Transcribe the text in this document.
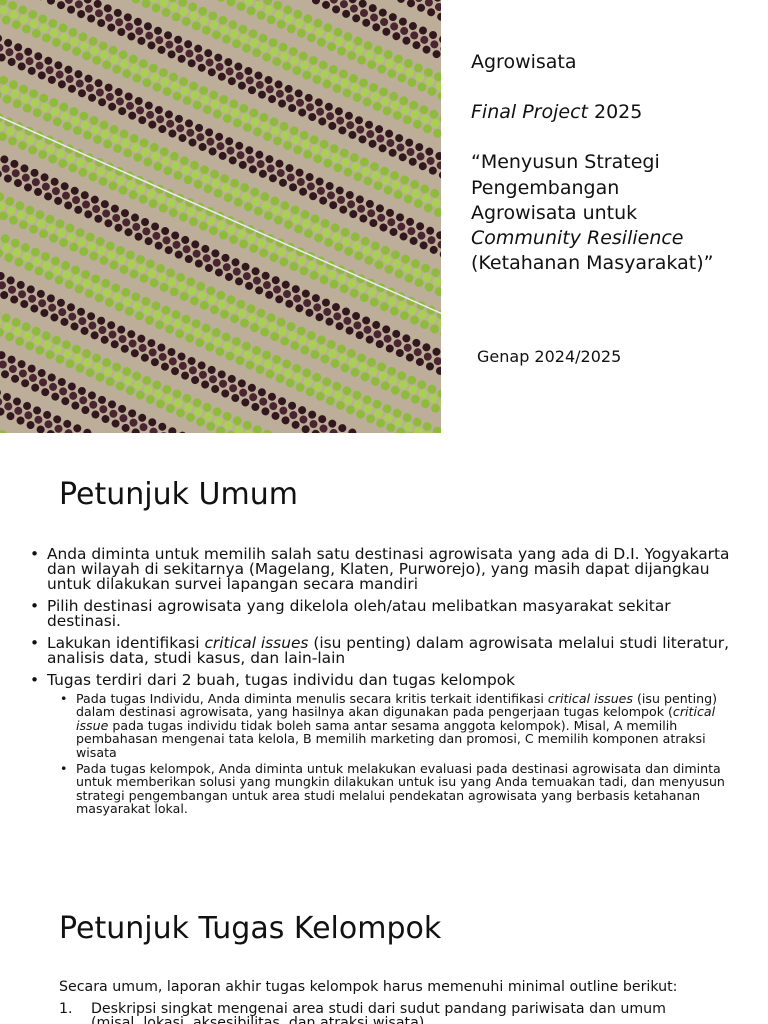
Agrowisata
Final Project 2025
“Menyusun Strategi
Pengembangan
Agrowisata untuk
Community Resilience
(Ketahanan Masyarakat)”
Genap 2024/2025
Petunjuk Umum
• Anda diminta untuk memilih salah satu destinasi agrowisata yang ada di D.I. Yogyakarta dan wilayah di sekitarnya (Magelang, Klaten, Purworejo), yang masih dapat dijangkau untuk dilakukan survei lapangan secara mandiri
• Pilih destinasi agrowisata yang dikelola oleh/atau melibatkan masyarakat sekitar destinasi.
• Lakukan identifikasi critical issues (isu penting) dalam agrowisata melalui studi literatur, analisis data, studi kasus, dan lain-lain
• Tugas terdiri dari 2 buah, tugas individu dan tugas kelompok
• Pada tugas Individu, Anda diminta menulis secara kritis terkait identifikasi critical issues (isu penting) dalam destinasi agrowisata, yang hasilnya akan digunakan pada pengerjaan tugas kelompok (critical issue pada tugas individu tidak boleh sama antar sesama anggota kelompok). Misal, A memilih pembahasan mengenai tata kelola, B memilih marketing dan promosi, C memilih komponen atraksi wisata
• Pada tugas kelompok, Anda diminta untuk melakukan evaluasi pada destinasi agrowisata dan diminta untuk memberikan solusi yang mungkin dilakukan untuk isu yang Anda temuakan tadi, dan menyusun strategi pengembangan untuk area studi melalui pendekatan agrowisata yang berbasis ketahanan masyarakat lokal.
Petunjuk Tugas Kelompok

Secara umum, laporan akhir tugas kelompok harus memenuhi minimal outline berikut:

1. Deskripsi singkat mengenai area studi dari sudut pandang pariwisata dan umum (misal, lokasi, aksesibilitas, dan atraksi wisata)
